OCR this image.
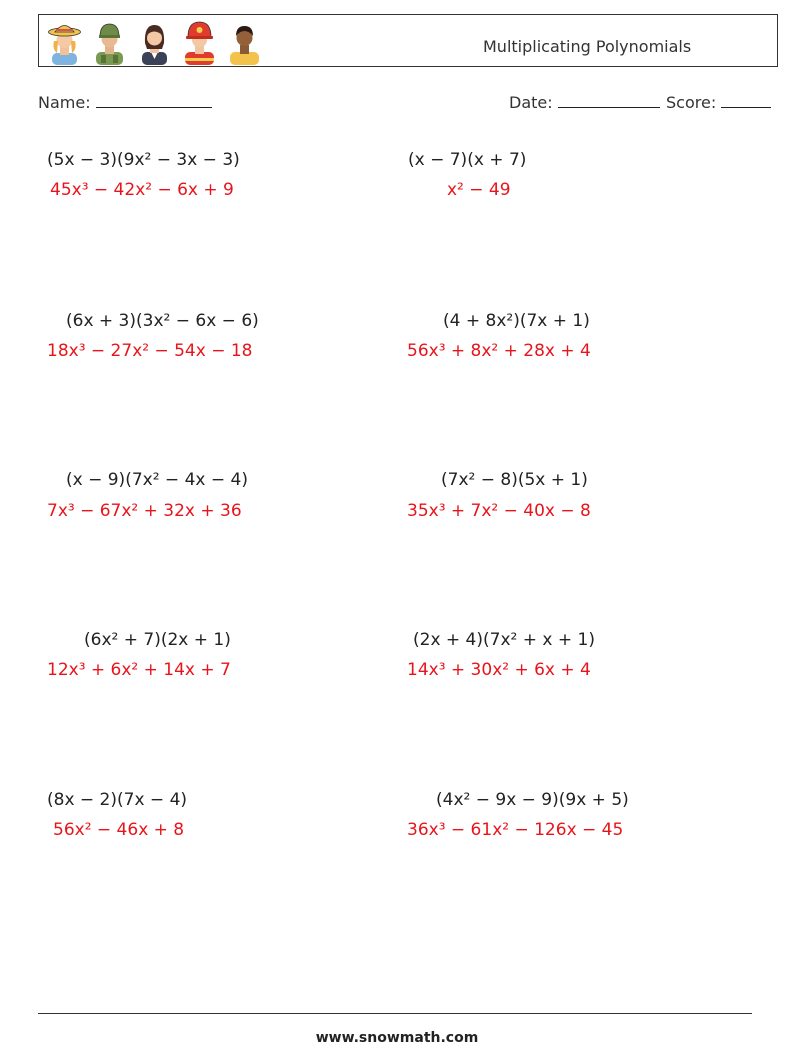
Multiplicating Polynomials
Name:	Date:	Score:
(5x − 3)(9x² − 3x − 3)
45x³ − 42x² − 6x + 9
(6x + 3)(3x² − 6x − 6)
18x³ − 27x² − 54x − 18
(x − 9)(7x² − 4x − 4)
7x³ − 67x² + 32x + 36
(6x² + 7)(2x + 1)
12x³ + 6x² + 14x + 7
(8x − 2)(7x − 4)
56x² − 46x + 8
(x − 7)(x + 7)
x² − 49
(4 + 8x²)(7x + 1)
56x³ + 8x² + 28x + 4
(7x² − 8)(5x + 1)
35x³ + 7x² − 40x − 8
(2x + 4)(7x² + x + 1)
14x³ + 30x² + 6x + 4
(4x² − 9x − 9)(9x + 5)
36x³ − 61x² − 126x − 45
www.snowmath.com
